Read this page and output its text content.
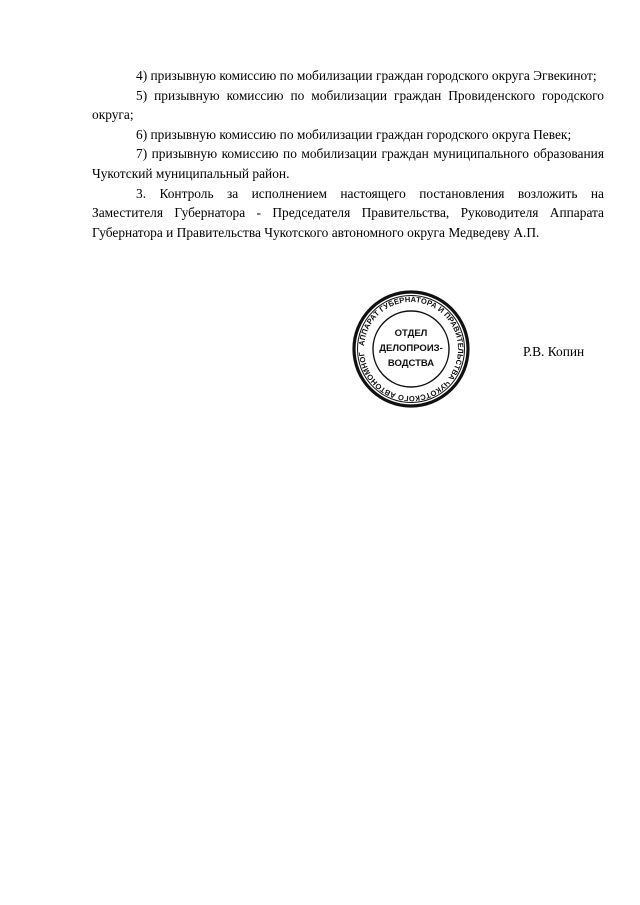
4) призывную комиссию по мобилизации граждан городского округа Эгвекинот;

5) призывную комиссию по мобилизации граждан Провиденского городского округа;

6) призывную комиссию по мобилизации граждан городского округа Певек;

7) призывную комиссию по мобилизации граждан муниципального образования Чукотский муниципальный район.

3. Контроль за исполнением настоящего постановления возложить на Заместителя Губернатора - Председателя Правительства, Руководителя Аппарата Губернатора и Правительства Чукотского автономного округа Медведеву А.П.

АППАРАТ ГУБЕРНАТОРА И ПРАВИТЕЛЬСТВА ЧУКОТСКОГО АВТОНОМНОГ
ОТДЕЛ
ДЕЛОПРОИЗ-
ВОДСТВА
Р.В. Копин
